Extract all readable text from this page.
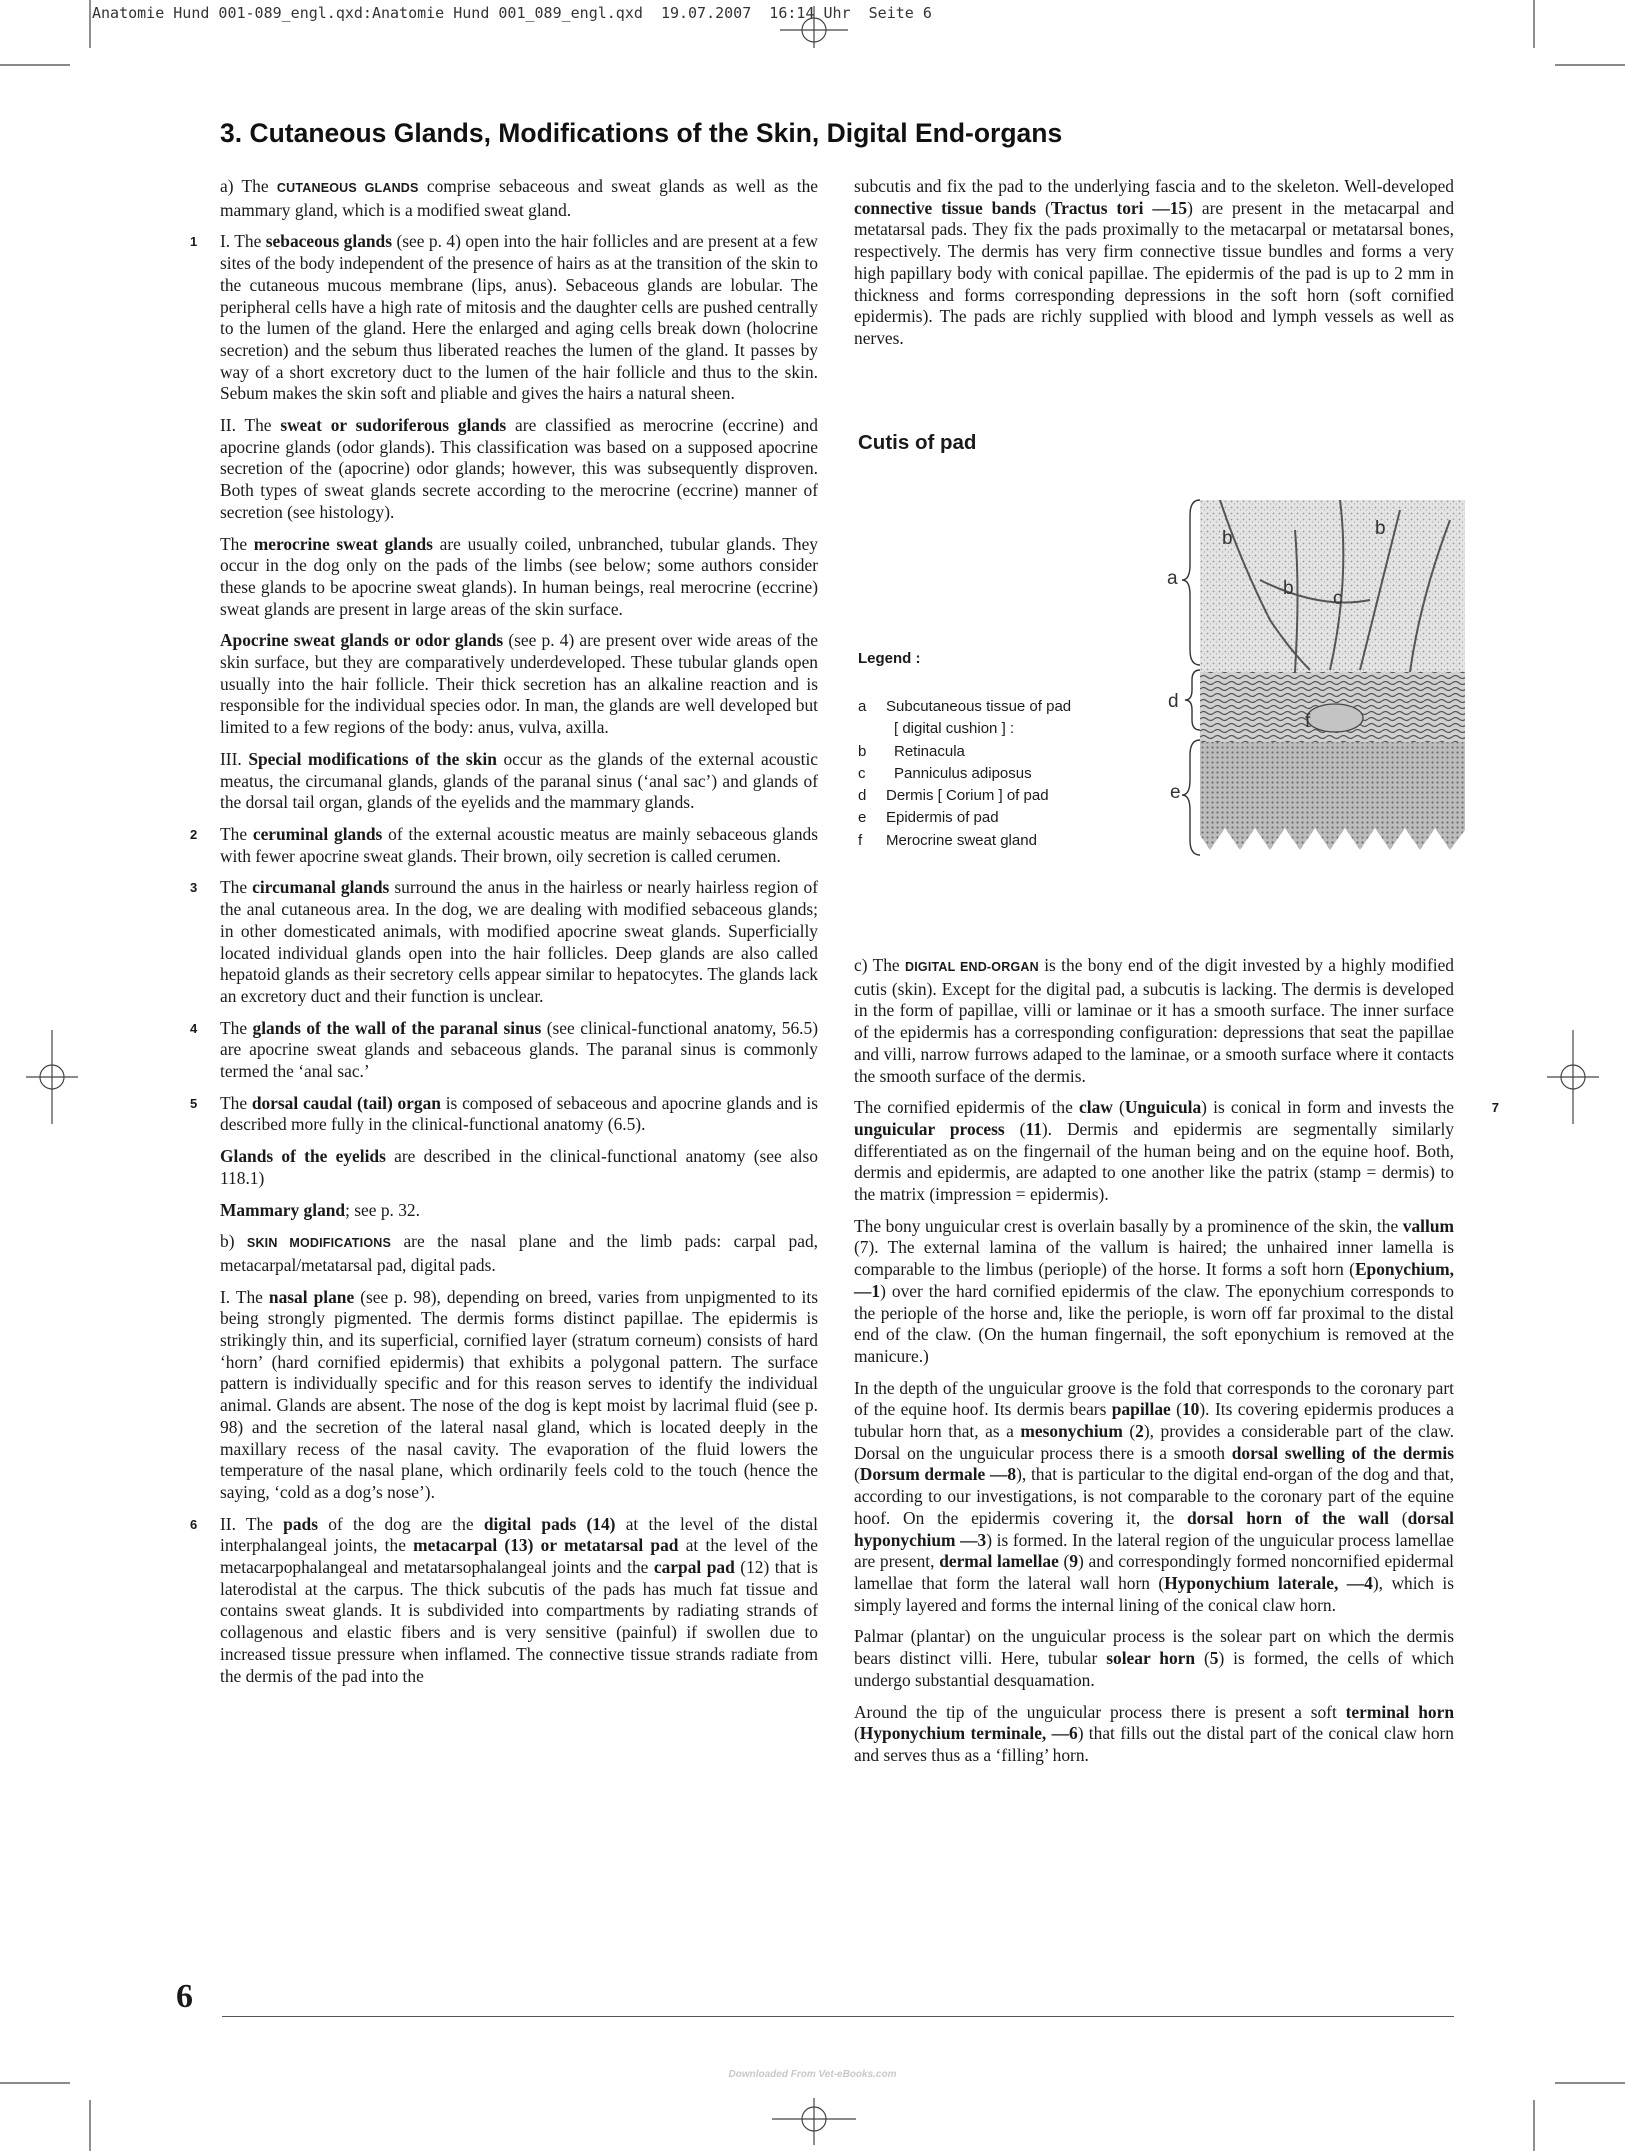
Anatomie Hund 001-089_engl.qxd:Anatomie Hund 001_089_engl.qxd  19.07.2007  16:14 Uhr  Seite 6
3. Cutaneous Glands, Modifications of the Skin, Digital End-organs

a) The CUTANEOUS GLANDS comprise sebaceous and sweat glands as well as the mammary gland, which is a modified sweat gland.

1 I. The sebaceous glands (see p. 4) open into the hair follicles and are present at a few sites of the body independent of the presence of hairs as at the transition of the skin to the cutaneous mucous membrane (lips, anus). Sebaceous glands are lobular. The peripheral cells have a high rate of mitosis and the daughter cells are pushed centrally to the lumen of the gland. Here the enlarged and aging cells break down (holocrine secretion) and the sebum thus liberated reaches the lumen of the gland. It passes by way of a short excretory duct to the lumen of the hair follicle and thus to the skin. Sebum makes the skin soft and pliable and gives the hairs a natural sheen.

II. The sweat or sudoriferous glands are classified as merocrine (eccrine) and apocrine glands (odor glands). This classification was based on a supposed apocrine secretion of the (apocrine) odor glands; however, this was subsequently disproven. Both types of sweat glands secrete according to the merocrine (eccrine) manner of secretion (see histology).

The merocrine sweat glands are usually coiled, unbranched, tubular glands. They occur in the dog only on the pads of the limbs (see below; some authors consider these glands to be apocrine sweat glands). In human beings, real merocrine (eccrine) sweat glands are present in large areas of the skin surface.

Apocrine sweat glands or odor glands (see p. 4) are present over wide areas of the skin surface, but they are comparatively underdeveloped. These tubular glands open usually into the hair follicle. Their thick secretion has an alkaline reaction and is responsible for the individual species odor. In man, the glands are well developed but limited to a few regions of the body: anus, vulva, axilla.

III. Special modifications of the skin occur as the glands of the external acoustic meatus, the circumanal glands, glands of the paranal sinus (‘anal sac’) and glands of the dorsal tail organ, glands of the eyelids and the mammary glands.

2 The ceruminal glands of the external acoustic meatus are mainly sebaceous glands with fewer apocrine sweat glands. Their brown, oily secretion is called cerumen.

3 The circumanal glands surround the anus in the hairless or nearly hairless region of the anal cutaneous area. In the dog, we are dealing with modified sebaceous glands; in other domesticated animals, with modified apocrine sweat glands. Superficially located individual glands open into the hair follicles. Deep glands are also called hepatoid glands as their secretory cells appear similar to hepatocytes. The glands lack an excretory duct and their function is unclear.

4 The glands of the wall of the paranal sinus (see clinical-functional anatomy, 56.5) are apocrine sweat glands and sebaceous glands. The paranal sinus is commonly termed the ‘anal sac.’

5 The dorsal caudal (tail) organ is composed of sebaceous and apocrine glands and is described more fully in the clinical-functional anatomy (6.5).

Glands of the eyelids are described in the clinical-functional anatomy (see also 118.1)

Mammary gland; see p. 32.

b) SKIN MODIFICATIONS are the nasal plane and the limb pads: carpal pad, metacarpal/metatarsal pad, digital pads.

I. The nasal plane (see p. 98), depending on breed, varies from unpigmented to its being strongly pigmented. The dermis forms distinct papillae. The epidermis is strikingly thin, and its superficial, cornified layer (stratum corneum) consists of hard ‘horn’ (hard cornified epidermis) that exhibits a polygonal pattern. The surface pattern is individually specific and for this reason serves to identify the individual animal. Glands are absent. The nose of the dog is kept moist by lacrimal fluid (see p. 98) and the secretion of the lateral nasal gland, which is located deeply in the maxillary recess of the nasal cavity. The evaporation of the fluid lowers the temperature of the nasal plane, which ordinarily feels cold to the touch (hence the saying, ‘cold as a dog’s nose’).

6 II. The pads of the dog are the digital pads (14) at the level of the distal interphalangeal joints, the metacarpal (13) or metatarsal pad at the level of the metacarpophalangeal and metatarsophalangeal joints and the carpal pad (12) that is laterodistal at the carpus. The thick subcutis of the pads has much fat tissue and contains sweat glands. It is subdivided into compartments by radiating strands of collagenous and elastic fibers and is very sensitive (painful) if swollen due to increased tissue pressure when inflamed. The connective tissue strands radiate from the dermis of the pad into the

subcutis and fix the pad to the underlying fascia and to the skeleton. Well-developed connective tissue bands (Tractus tori —15) are present in the metacarpal and metatarsal pads. They fix the pads proximally to the metacarpal or metatarsal bones, respectively. The dermis has very firm connective tissue bundles and forms a very high papillary body with conical papillae. The epidermis of the pad is up to 2 mm in thickness and forms corresponding depressions in the soft horn (soft cornified epidermis). The pads are richly supplied with blood and lymph vessels as well as nerves.

Cutis of pad
Legend :
a	Subcutaneous tissue of pad
[ digital cushion ] :
b	Retinacula
c	Panniculus adiposus
d	Dermis [ Corium ] of pad
e	Epidermis of pad
f	Merocrine sweat gland
a
b	b
b c
d
f
e

c) The DIGITAL END-ORGAN is the bony end of the digit invested by a highly modified cutis (skin). Except for the digital pad, a subcutis is lacking. The dermis is developed in the form of papillae, villi or laminae or it has a smooth surface. The inner surface of the epidermis has a corresponding configuration: depressions that seat the papillae and villi, narrow furrows adaped to the laminae, or a smooth surface where it contacts the smooth surface of the dermis.

7
The cornified epidermis of the claw (Unguicula) is conical in form and invests the unguicular process (11). Dermis and epidermis are segmentally similarly differentiated as on the fingernail of the human being and on the equine hoof. Both, dermis and epidermis, are adapted to one another like the patrix (stamp = dermis) to the matrix (impression = epidermis).

The bony unguicular crest is overlain basally by a prominence of the skin, the vallum (7). The external lamina of the vallum is haired; the unhaired inner lamella is comparable to the limbus (periople) of the horse. It forms a soft horn (Eponychium, —1) over the hard cornified epidermis of the claw. The eponychium corresponds to the periople of the horse and, like the periople, is worn off far proximal to the distal end of the claw. (On the human fingernail, the soft eponychium is removed at the manicure.)

In the depth of the unguicular groove is the fold that corresponds to the coronary part of the equine hoof. Its dermis bears papillae (10). Its covering epidermis produces a tubular horn that, as a mesonychium (2), provides a considerable part of the claw. Dorsal on the unguicular process there is a smooth dorsal swelling of the dermis (Dorsum dermale —8), that is particular to the digital end-organ of the dog and that, according to our investigations, is not comparable to the coronary part of the equine hoof. On the epidermis covering it, the dorsal horn of the wall (dorsal hyponychium —3) is formed. In the lateral region of the unguicular process lamellae are present, dermal lamellae (9) and correspondingly formed noncornified epidermal lamellae that form the lateral wall horn (Hyponychium laterale, —4), which is simply layered and forms the internal lining of the conical claw horn.

Palmar (plantar) on the unguicular process is the solear part on which the dermis bears distinct villi. Here, tubular solear horn (5) is formed, the cells of which undergo substantial desquamation.

Around the tip of the unguicular process there is present a soft terminal horn (Hyponychium terminale, —6) that fills out the distal part of the conical claw horn and serves thus as a ‘filling’ horn.

6
Downloaded From Vet-eBooks.com
